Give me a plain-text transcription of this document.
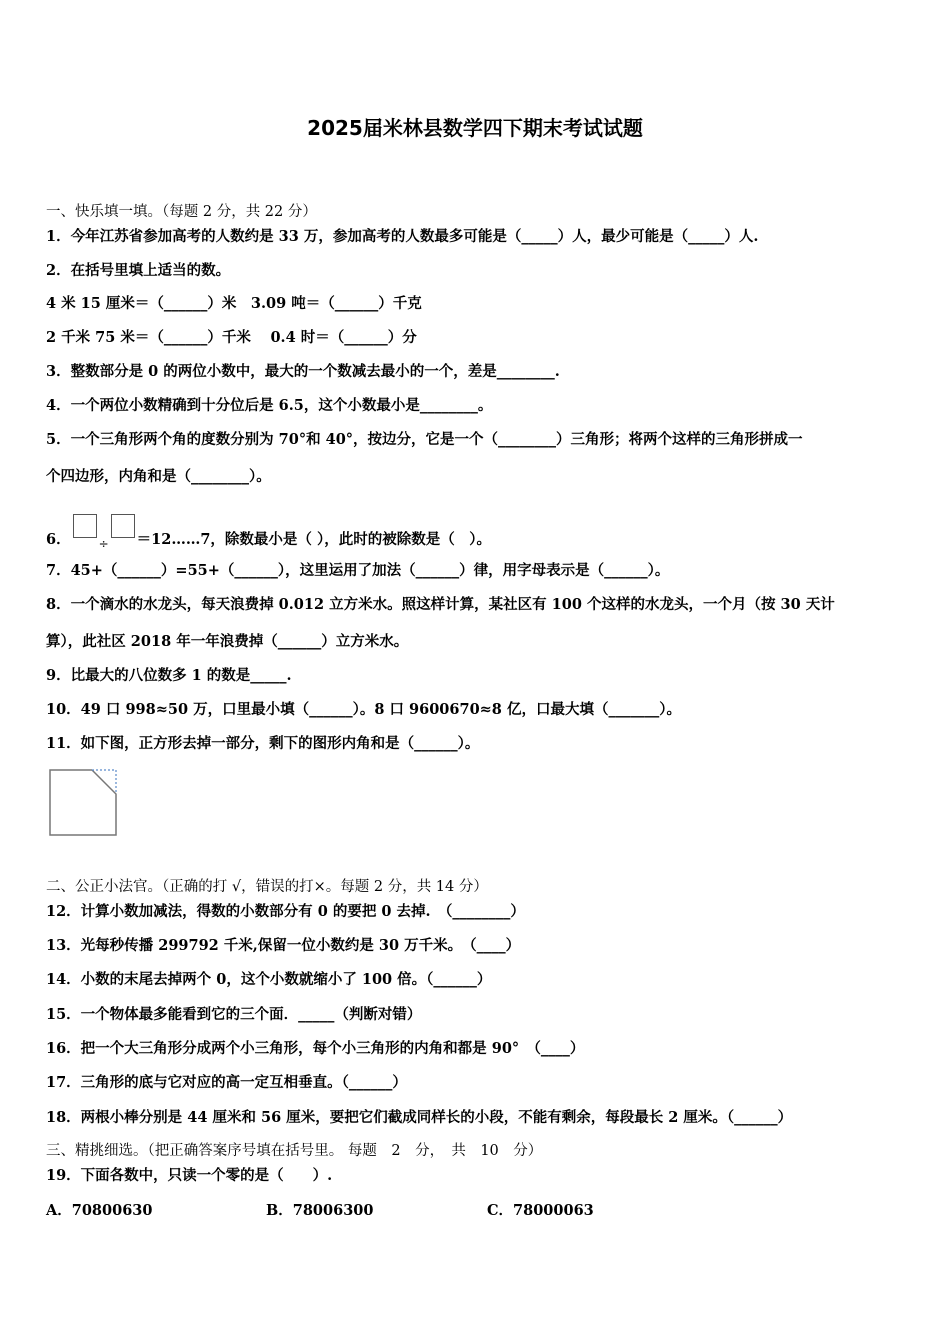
2025届米林县数学四下期末考试试题
一、快乐填一填。（每题 2 分，共 22 分）
1．今年江苏省参加高考的人数约是 33 万，参加高考的人数最多可能是（_____）人，最少可能是（_____）人.
2．在括号里填上适当的数。
4 米 15 厘米＝（______）米　3.09 吨＝（______）千克
2 千米 75 米＝（______）千米　 0.4 时＝（______）分
3．整数部分是 0 的两位小数中，最大的一个数减去最小的一个，差是________.
4．一个两位小数精确到十分位后是 6.5，这个小数最小是________。
5．一个三角形两个角的度数分别为 70°和 40°，按边分，它是一个（________）三角形；将两个这样的三角形拼成一
个四边形，内角和是（________）。
6． $_\div$ ＝12……7，除数最小是（ ），此时的被除数是（　）。
7．45+（______）=55+（______），这里运用了加法（______）律，用字母表示是（______）。
8．一个滴水的水龙头，每天浪费掉 0.012 立方米水。照这样计算，某社区有 100 个这样的水龙头，一个月（按 30 天计
算），此社区 2018 年一年浪费掉（______）立方米水。
9．比最大的八位数多 1 的数是_____.
10．49 口 998≈50 万，口里最小填（______）。8 口 9600670≈8 亿，口最大填（_______）。
11．如下图，正方形去掉一部分，剩下的图形内角和是（______）。
二、公正小法官。（正确的打 √，错误的打×。每题 2 分，共 14 分）
12．计算小数加减法，得数的小数部分有 0 的要把 0 去掉.　（________）
13．光每秒传播 299792 千米,保留一位小数约是 30 万千米。　（____）
14．小数的末尾去掉两个 0，这个小数就缩小了 100 倍。（______）
15．一个物体最多能看到它的三个面．_____（判断对错）
16．把一个大三角形分成两个小三角形，每个小三角形的内角和都是 90°　（____）
17．三角形的底与它对应的高一定互相垂直。（______）
18．两根小棒分别是 44 厘米和 56 厘米，要把它们截成同样长的小段，不能有剩余，每段最长 2 厘米。（______）
三、精挑细选。（把正确答案序号填在括号里。 每题　2　分，　共　10　分）
19．下面各数中，只读一个零的是（　　）.
A．70800630	B．78006300	C．78000063
